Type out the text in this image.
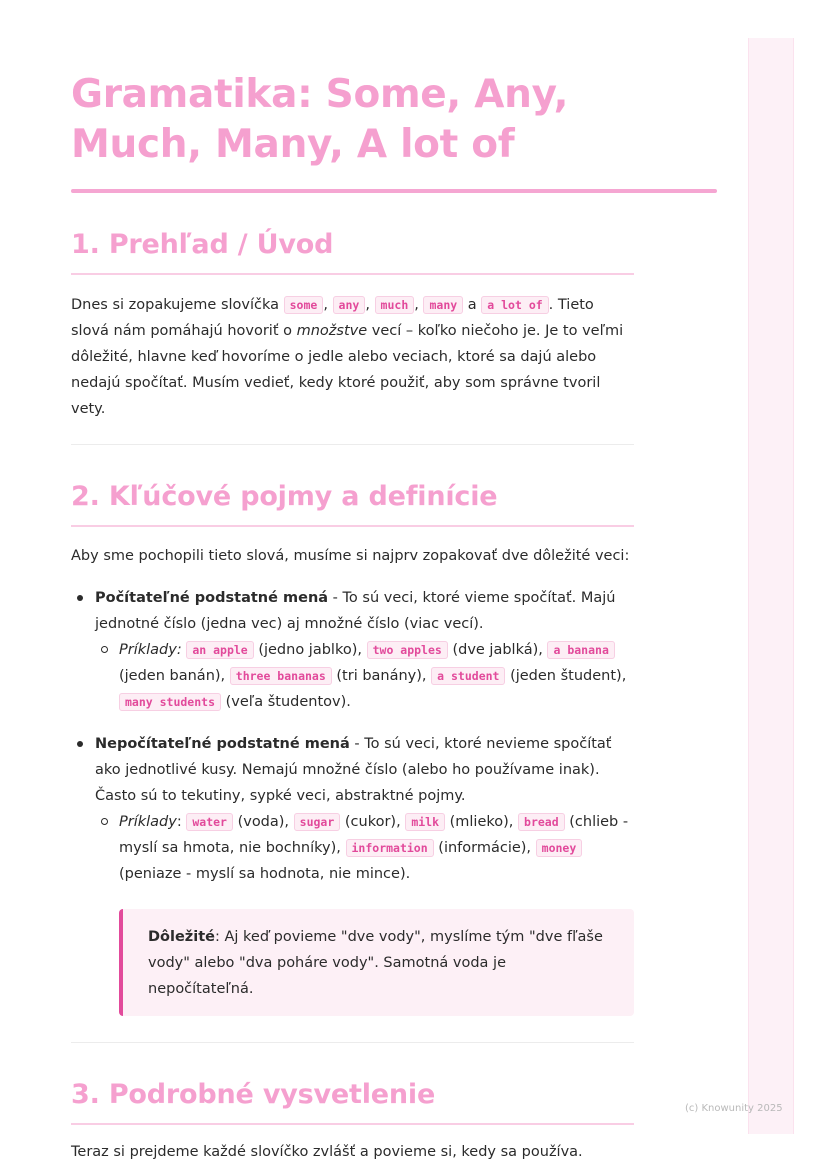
(c) Knowunity 2025
Gramatika: Some, Any, Much, Many, A lot of
1. Prehľad / Úvod

Dnes si zopakujeme slovíčka some , any , much , many a a lot of . Tieto slová nám pomáhajú hovoriť o množstve vecí – koľko niečoho je. Je to veľmi dôležité, hlavne keď hovoríme o jedle alebo veciach, ktoré sa dajú alebo nedajú spočítať. Musím vedieť, kedy ktoré použiť, aby som správne tvoril vety.

2. Kľúčové pojmy a definície

Aby sme pochopili tieto slová, musíme si najprv zopakovať dve dôležité veci:

Počítateľné podstatné mená - To sú veci, ktoré vieme spočítať. Majú jednotné číslo (jedna vec) aj množné číslo (viac vecí).
Príklady: an apple (jedno jablko), two apples (dve jablká), a banana (jeden banán), three bananas (tri banány), a student (jeden študent), many students (veľa študentov).
Nepočítateľné podstatné mená - To sú veci, ktoré nevieme spočítať ako jednotlivé kusy. Nemajú množné číslo (alebo ho používame inak). Často sú to tekutiny, sypké veci, abstraktné pojmy.
Príklady: water (voda), sugar (cukor), milk (mlieko), bread (chlieb - myslí sa hmota, nie bochníky), information (informácie), money (peniaze - myslí sa hodnota, nie mince).
Dôležité: Aj keď povieme "dve vody", myslíme tým "dve fľaše vody" alebo "dva poháre vody". Samotná voda je nepočítateľná.
3. Podrobné vysvetlenie

Teraz si prejdeme každé slovíčko zvlášť a povieme si, kedy sa používa.
